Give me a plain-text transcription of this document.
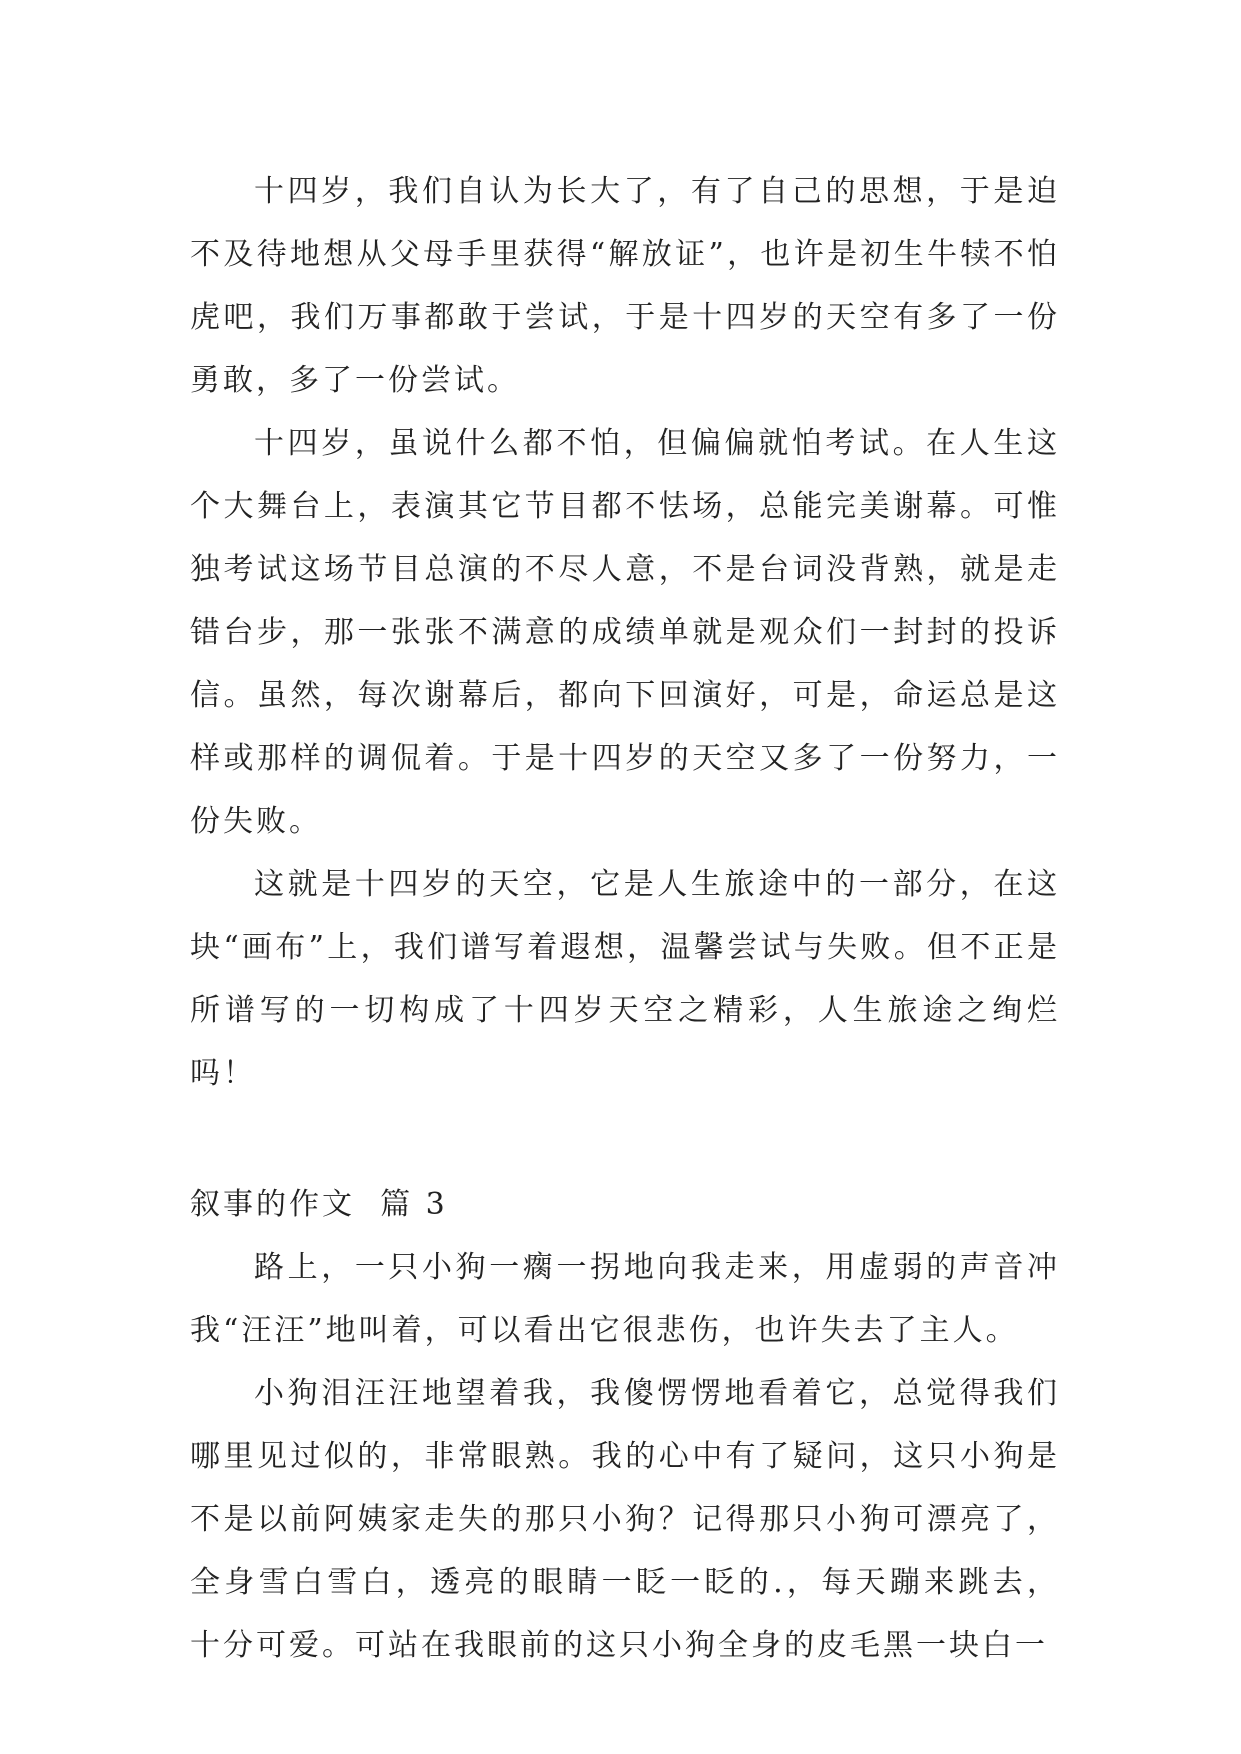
十四岁，我们自认为长大了，有了自己的思想，于是迫不及待地想从父母手里获得“解放证”，也许是初生牛犊不怕虎吧，我们万事都敢于尝试，于是十四岁的天空有多了一份勇敢，多了一份尝试。

十四岁，虽说什么都不怕，但偏偏就怕考试。在人生这个大舞台上，表演其它节目都不怯场，总能完美谢幕。可惟独考试这场节目总演的不尽人意，不是台词没背熟，就是走错台步，那一张张不满意的成绩单就是观众们一封封的投诉信。虽然，每次谢幕后，都向下回演好，可是，命运总是这样或那样的调侃着。于是十四岁的天空又多了一份努力，一份失败。

这就是十四岁的天空，它是人生旅途中的一部分，在这块“画布”上，我们谱写着遐想，温馨尝试与失败。但不正是所谱写的一切构成了十四岁天空之精彩，人生旅途之绚烂吗！

叙事的作文  篇 3

路上，一只小狗一瘸一拐地向我走来，用虚弱的声音冲我“汪汪”地叫着，可以看出它很悲伤，也许失去了主人。

小狗泪汪汪地望着我，我傻愣愣地看着它，总觉得我们哪里见过似的，非常眼熟。我的心中有了疑问，这只小狗是不是以前阿姨家走失的那只小狗？记得那只小狗可漂亮了，全身雪白雪白，透亮的眼睛一眨一眨的.，每天蹦来跳去，十分可爱。可站在我眼前的这只小狗全身的皮毛黑一块白一
